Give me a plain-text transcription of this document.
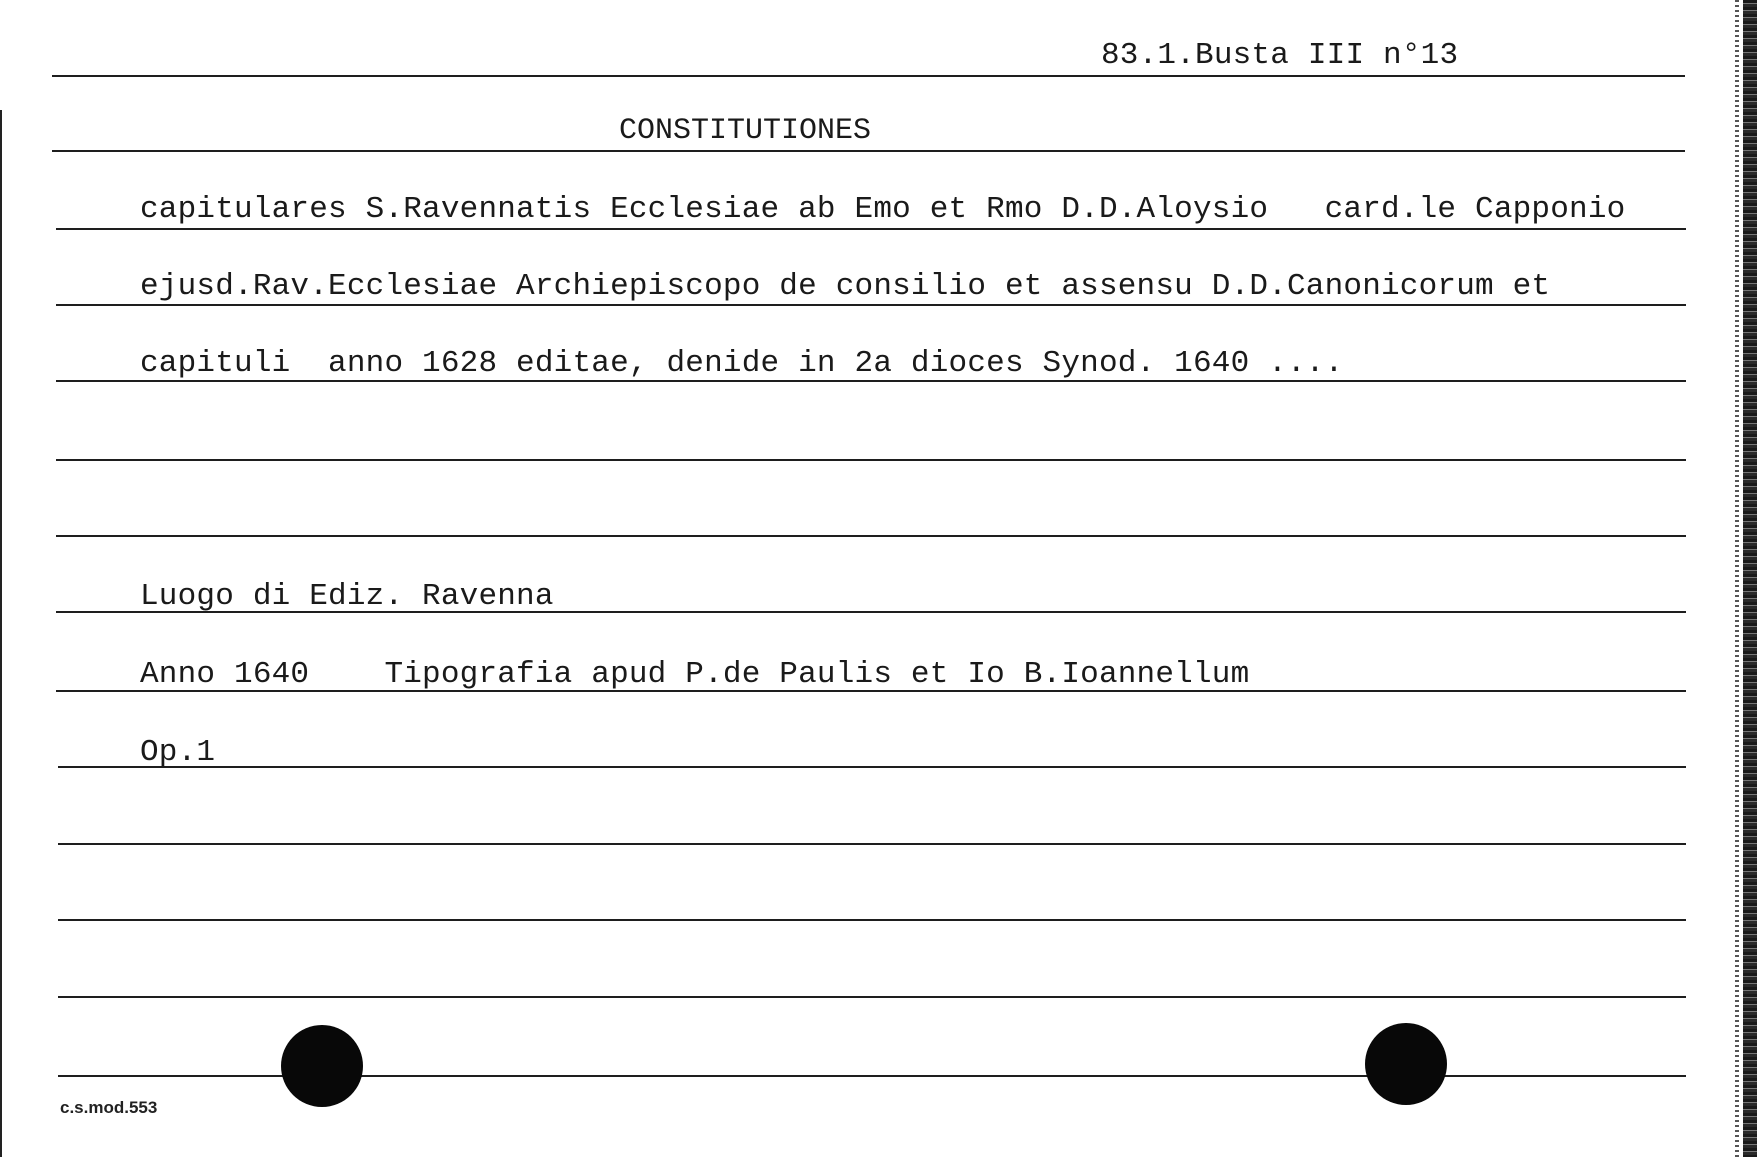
83.1.Busta III n°13
CONSTITUTIONES
capitulares S.Ravennatis Ecclesiae ab Emo et Rmo D.D.Aloysio   card.le Capponio
ejusd.Rav.Ecclesiae Archiepiscopo de consilio et assensu D.D.Canonicorum et
capituli  anno 1628 editae, denide in 2a dioces Synod. 1640 ....
Luogo di Ediz. Ravenna
Anno 1640    Tipografia apud P.de Paulis et Io B.Ioannellum
Op.1
c.s.mod.553
